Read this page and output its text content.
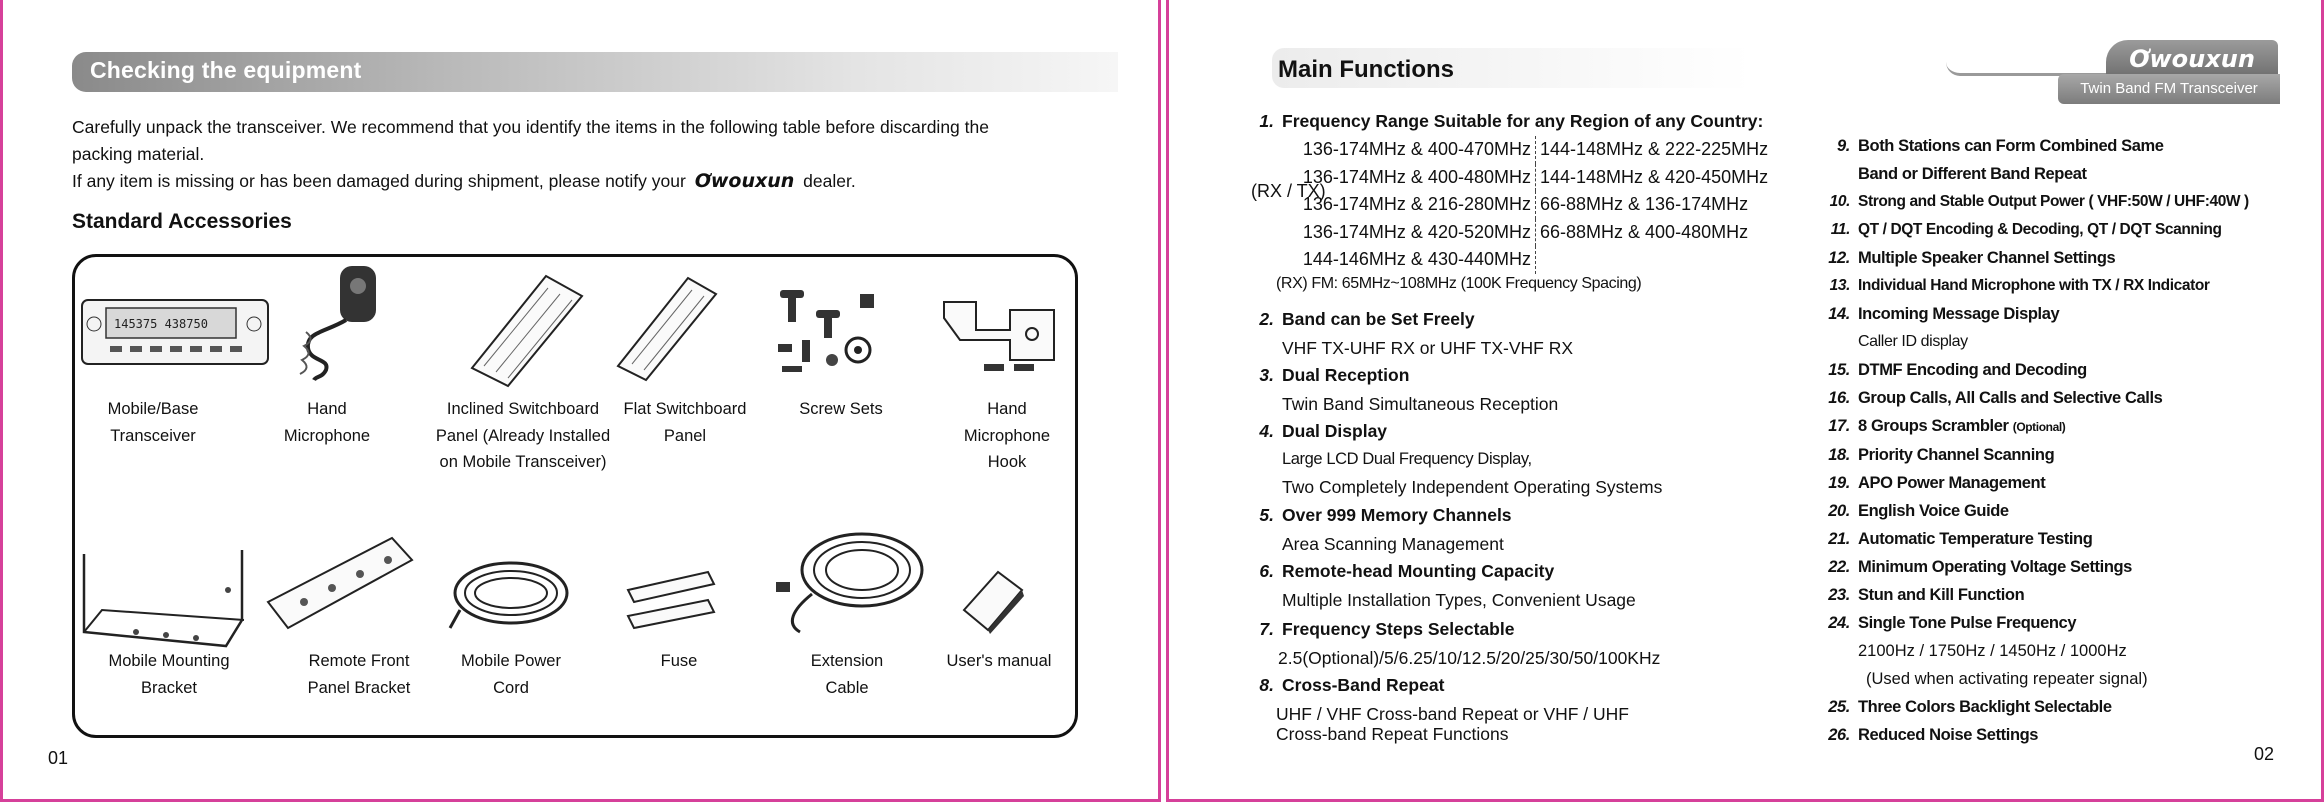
Checking the equipment
Carefully unpack the transceiver. We recommend that you identify the items in the following table before discarding the
packing material.
If any item is missing or has been damaged during shipment, please notify your Ơwouxun dealer.
Standard Accessories
145375 438750
Mobile/Base
Transceiver
Hand
Microphone
Inclined Switchboard
Panel (Already Installed
on Mobile Transceiver)
Flat Switchboard
Panel
Screw Sets	Hand
Microphone
Hook
Mobile Mounting
Bracket
Remote Front
Panel Bracket
Mobile Power
Cord
Fuse	Extension
Cable
User's manual
01
Main Functions	Ơwouxun
Twin Band FM Transceiver
1. Frequency Range Suitable for any Region of any Country:
(RX / TX)
136-174MHz & 400-470MHz 144-148MHz & 222-225MHz
136-174MHz & 400-480MHz 144-148MHz & 420-450MHz
136-174MHz & 216-280MHz 66-88MHz & 136-174MHz
136-174MHz & 420-520MHz 66-88MHz & 400-480MHz
144-146MHz & 430-440MHz
(RX) FM: 65MHz~108MHz (100K Frequency Spacing)
2. Band can be Set Freely
VHF TX-UHF RX or UHF TX-VHF RX
3. Dual Reception
Twin Band Simultaneous Reception
4. Dual Display
Large LCD Dual Frequency Display,
Two Completely Independent Operating Systems
5. Over 999 Memory Channels
Area Scanning Management
6. Remote-head Mounting Capacity
Multiple Installation Types, Convenient Usage
7. Frequency Steps Selectable
2.5(Optional)/5/6.25/10/12.5/20/25/30/50/100KHz
8. Cross-Band Repeat
UHF / VHF Cross-band Repeat or VHF / UHF
Cross-band Repeat Functions
9. Both Stations can Form Combined Same
Band or Different Band Repeat
10. Strong and Stable Output Power ( VHF:50W / UHF:40W )
11. QT / DQT Encoding & Decoding, QT / DQT Scanning
12. Multiple Speaker Channel Settings
13. Individual Hand Microphone with TX / RX Indicator
14. Incoming Message Display
Caller ID display
15. DTMF Encoding and Decoding
16. Group Calls, All Calls and Selective Calls
17. 8 Groups Scrambler (Optional)
18. Priority Channel Scanning
19. APO Power Management
20. English Voice Guide
21. Automatic Temperature Testing
22. Minimum Operating Voltage Settings
23. Stun and Kill Function
24. Single Tone Pulse Frequency
2100Hz / 1750Hz / 1450Hz / 1000Hz
(Used when activating repeater signal)
25. Three Colors Backlight Selectable
26. Reduced Noise Settings
02
